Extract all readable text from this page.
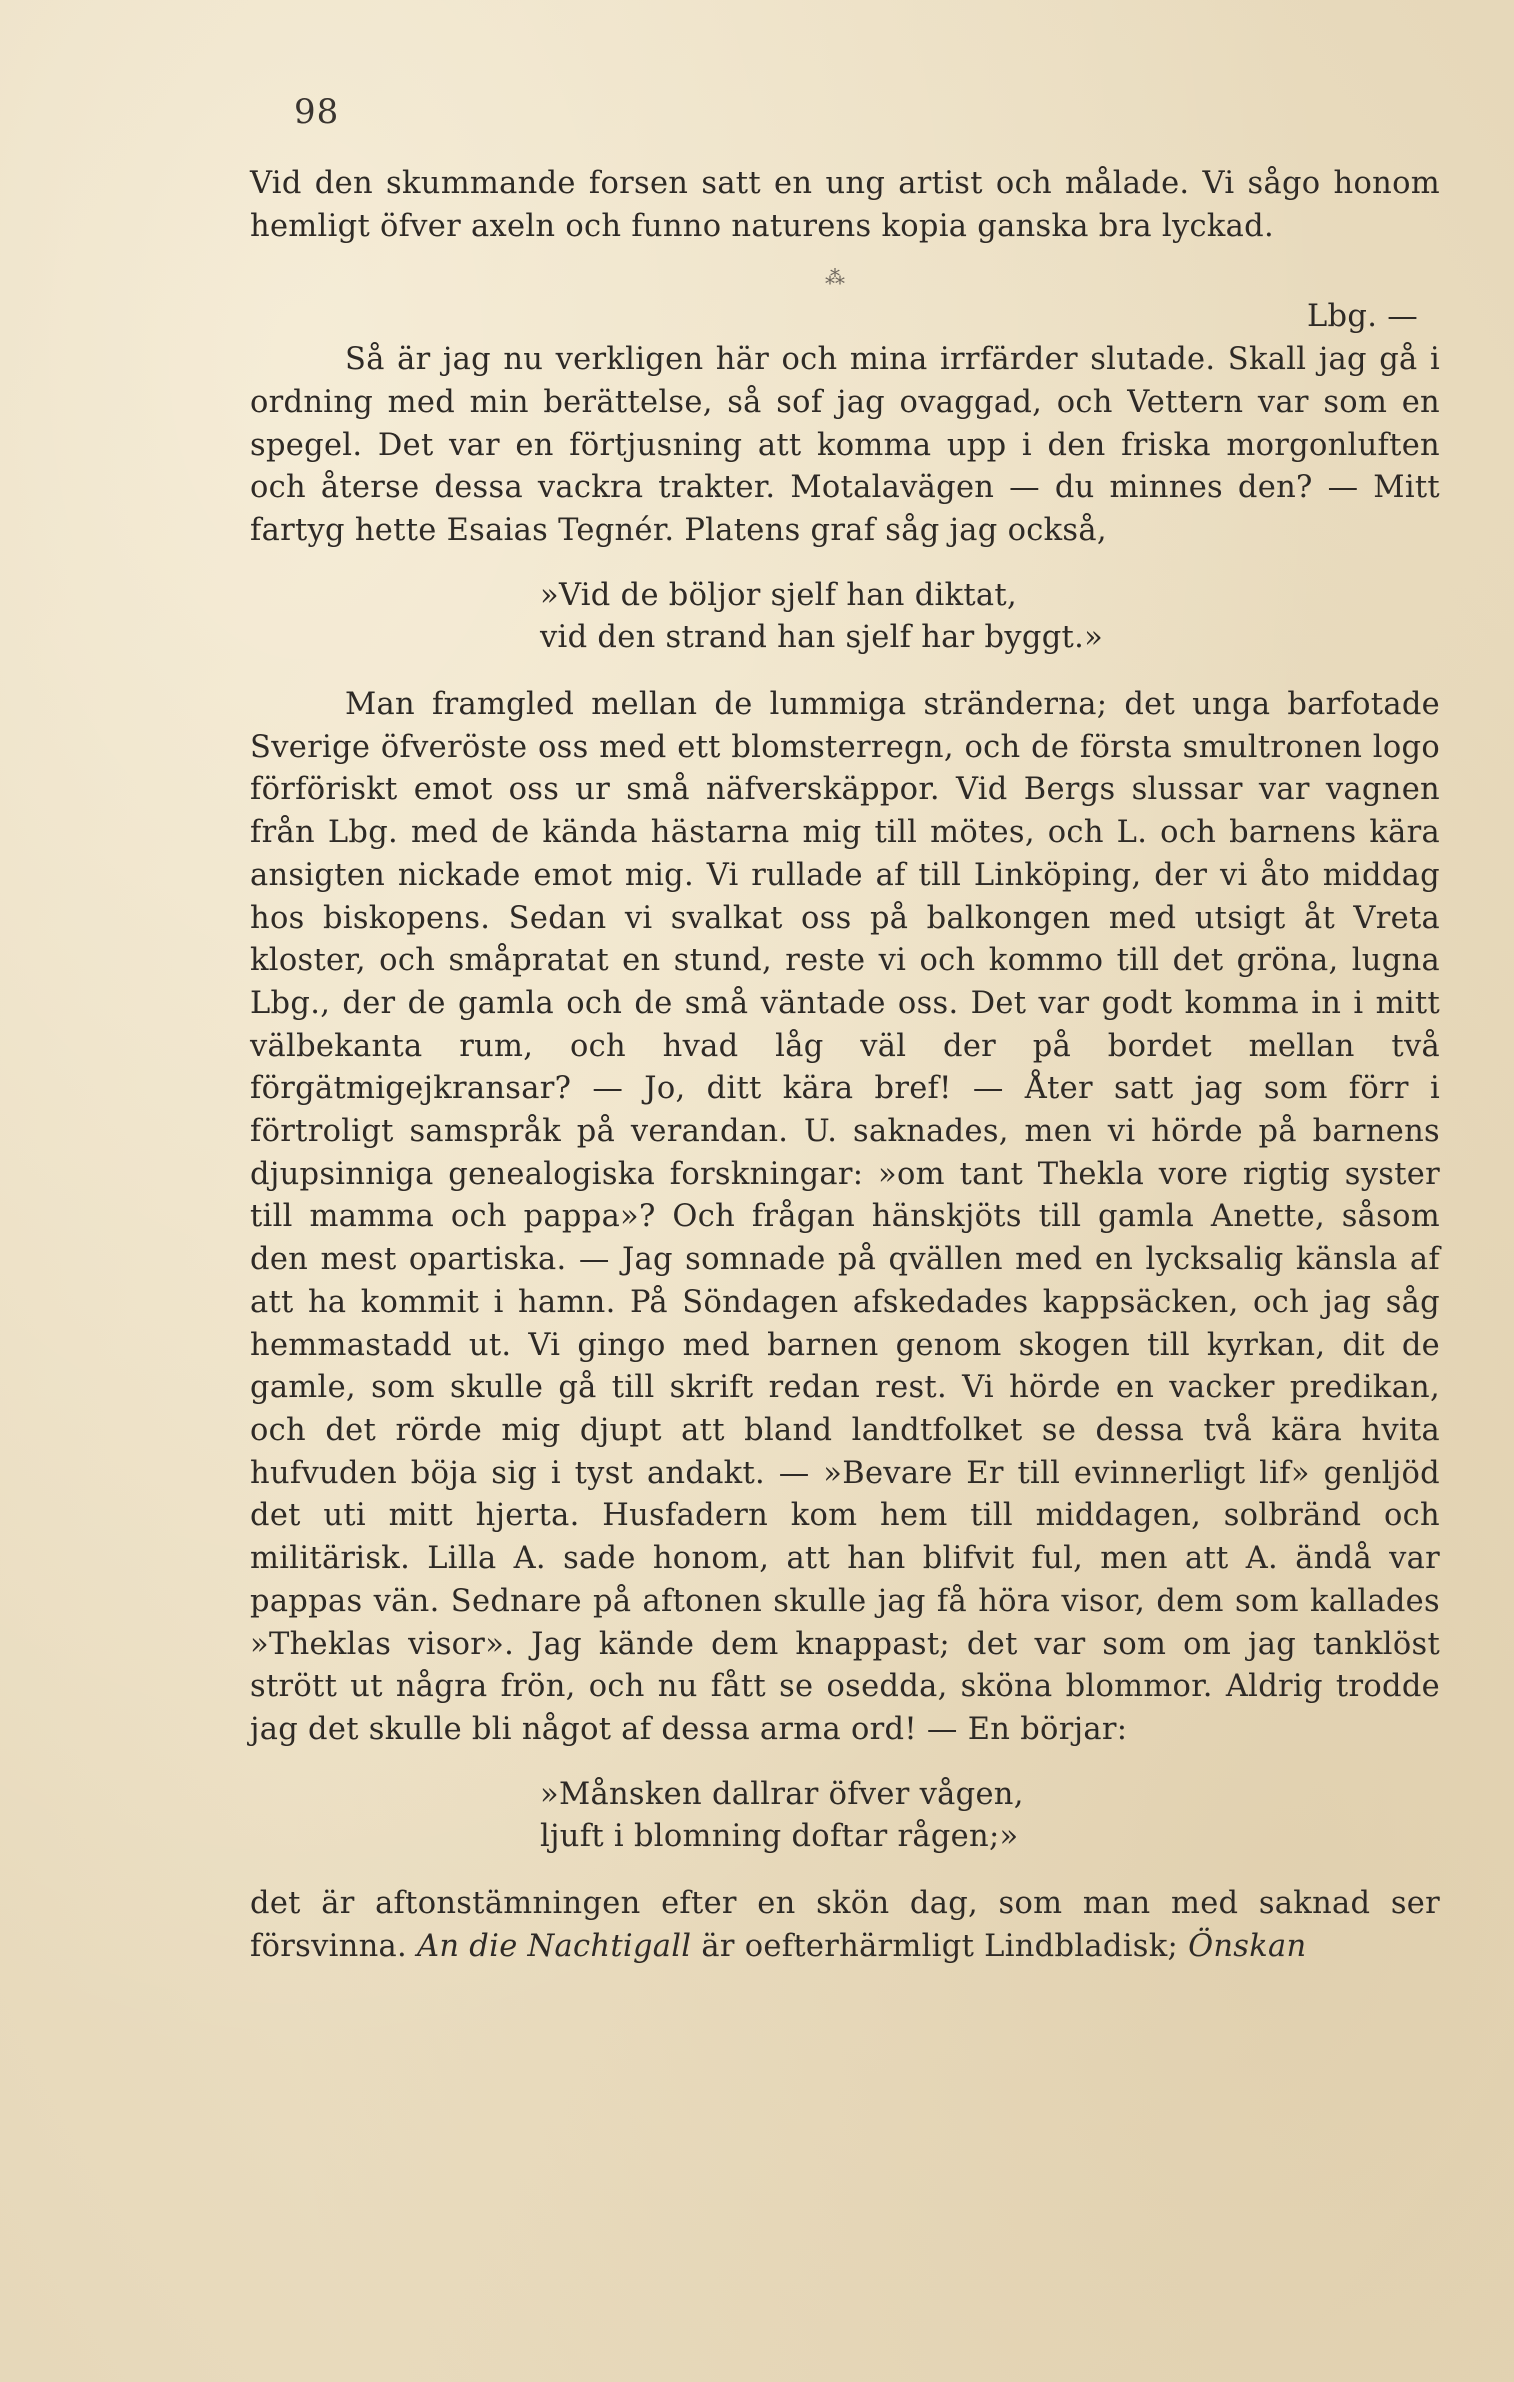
98

Vid den skummande forsen satt en ung artist och målade. Vi sågo honom hemligt öfver axeln och funno naturens kopia ganska bra lyckad.

⁂

Lbg. —

Så är jag nu verkligen här och mina irrfärder slutade. Skall jag gå i ordning med min berättelse, så sof jag ovaggad, och Vettern var som en spegel. Det var en förtjusning att komma upp i den friska morgonluften och återse dessa vackra trakter. Motalavägen — du minnes den? — Mitt fartyg hette Esaias Tegnér. Platens graf såg jag också,

»Vid de böljor sjelf han diktat,

vid den strand han sjelf har byggt.»

Man framgled mellan de lummiga stränderna; det unga barfotade Sverige öfveröste oss med ett blomsterregn, och de första smultronen logo förföriskt emot oss ur små näfverskäppor. Vid Bergs slussar var vagnen från Lbg. med de kända hästarna mig till mötes, och L. och barnens kära ansigten nickade emot mig. Vi rullade af till Linköping, der vi åto middag hos biskopens. Sedan vi svalkat oss på balkongen med utsigt åt Vreta kloster, och småpratat en stund, reste vi och kommo till det gröna, lugna Lbg., der de gamla och de små väntade oss. Det var godt komma in i mitt välbekanta rum, och hvad låg väl der på bordet mellan två förgätmigejkransar? — Jo, ditt kära bref! — Åter satt jag som förr i förtroligt samspråk på verandan. U. saknades, men vi hörde på barnens djupsinniga genealogiska forskningar: »om tant Thekla vore rigtig syster till mamma och pappa»? Och frågan hänskjöts till gamla Anette, såsom den mest opartiska. — Jag somnade på qvällen med en lycksalig känsla af att ha kommit i hamn. På Söndagen afskedades kappsäcken, och jag såg hemmastadd ut. Vi gingo med barnen genom skogen till kyrkan, dit de gamle, som skulle gå till skrift redan rest. Vi hörde en vacker predikan, och det rörde mig djupt att bland landtfolket se dessa två kära hvita hufvuden böja sig i tyst andakt. — »Bevare Er till evinnerligt lif» genljöd det uti mitt hjerta. Husfadern kom hem till middagen, solbränd och militärisk. Lilla A. sade honom, att han blifvit ful, men att A. ändå var pappas vän. Sednare på aftonen skulle jag få höra visor, dem som kallades »Theklas visor». Jag kände dem knappast; det var som om jag tanklöst strött ut några frön, och nu fått se osedda, sköna blommor. Aldrig trodde jag det skulle bli något af dessa arma ord! — En börjar:

»Månsken dallrar öfver vågen,

ljuft i blomning doftar rågen;»

det är aftonstämningen efter en skön dag, som man med saknad ser försvinna. An die Nachtigall är oefterhärmligt Lindbladisk; Önskan
